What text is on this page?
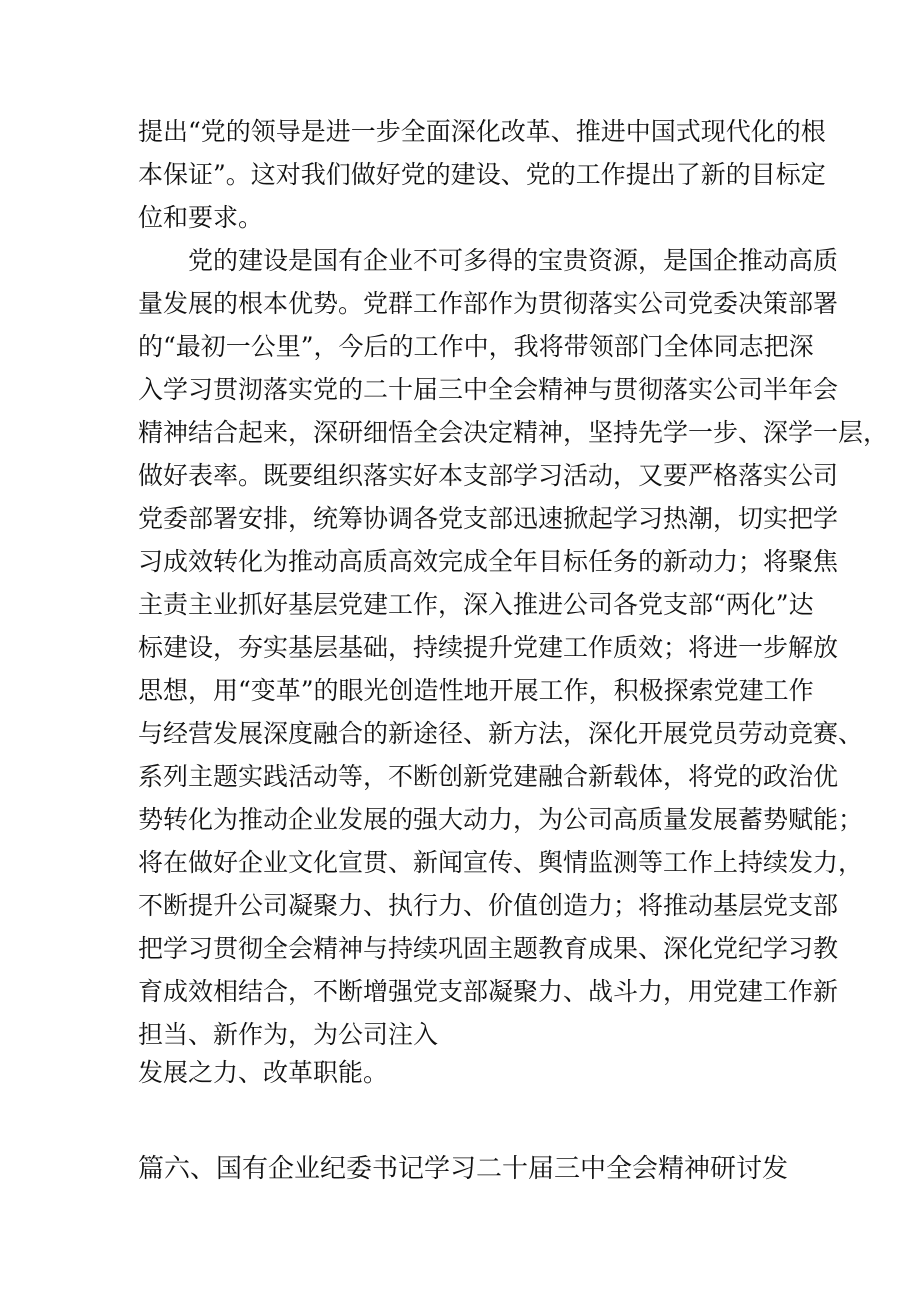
提出“党的领导是进一步全面深化改革、推进中国式现代化的根
本保证”。这对我们做好党的建设、党的工作提出了新的目标定
位和要求。
　　党的建设是国有企业不可多得的宝贵资源，是国企推动高质
量发展的根本优势。党群工作部作为贯彻落实公司党委决策部署
的“最初一公里”，今后的工作中，我将带领部门全体同志把深
入学习贯沏落实党的二十届三中全会精神与贯彻落实公司半年会
精神结合起来，深研细悟全会决定精神，坚持先学一步、深学一层，
做好表率。既要组织落实好本支部学习活动，又要严格落实公司
党委部署安排，统筹协调各党支部迅速掀起学习热潮，切实把学
习成效转化为推动高质高效完成全年目标任务的新动力；将聚焦
主责主业抓好基层党建工作，深入推进公司各党支部“两化”达
标建设，夯实基层基础，持续提升党建工作质效；将进一步解放
思想，用“变革”的眼光创造性地开展工作，积极探索党建工作
与经营发展深度融合的新途径、新方法，深化开展党员劳动竞赛、
系列主题实践活动等，不断创新党建融合新载体，将党的政治优
势转化为推动企业发展的强大动力，为公司高质量发展蓄势赋能；
将在做好企业文化宣贯、新闻宣传、舆情监测等工作上持续发力，
不断提升公司凝聚力、执行力、价值创造力；将推动基层党支部
把学习贯彻全会精神与持续巩固主题教育成果、深化党纪学习教
育成效相结合，不断增强党支部凝聚力、战斗力，用党建工作新
担当、新作为，为公司注入
发展之力、改革职能。
篇六、国有企业纪委书记学习二十届三中全会精神研讨发
